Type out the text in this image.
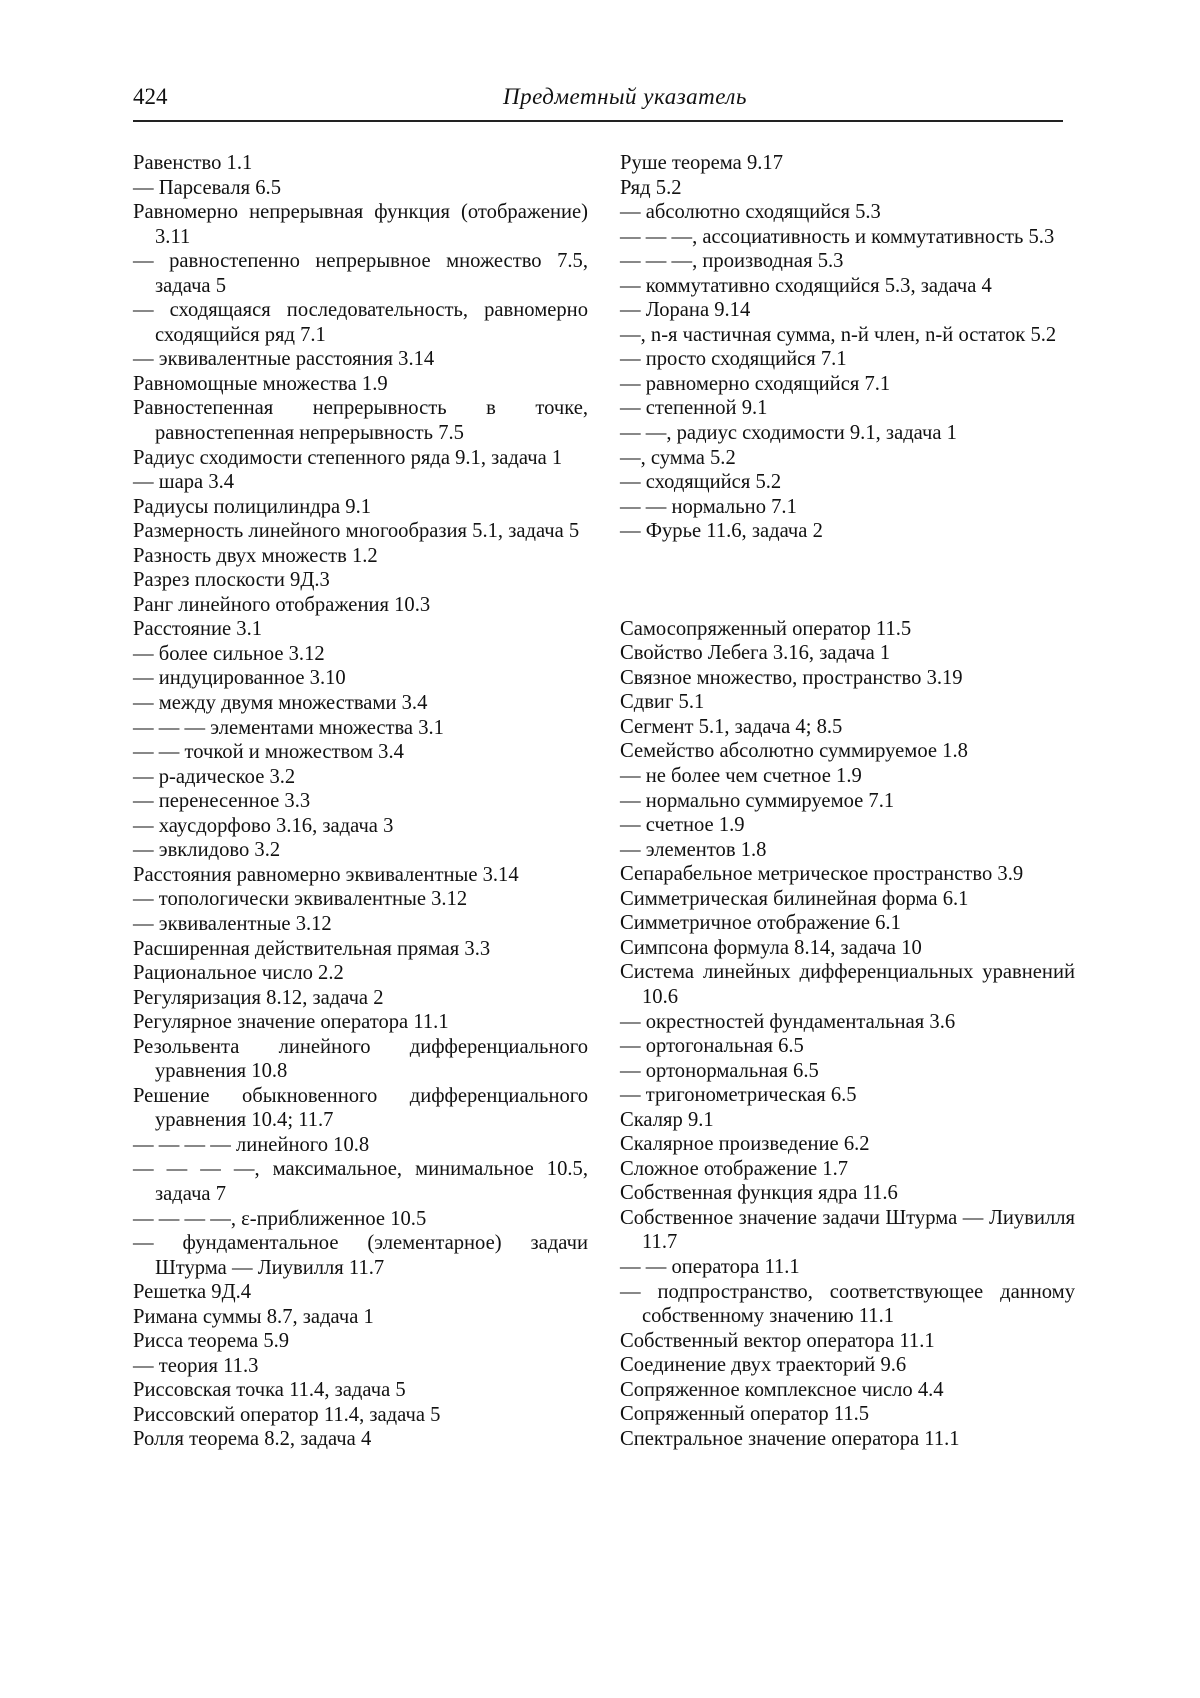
424	Предметный указатель
Равенство 1.1
— Парсеваля 6.5
Равномерно непрерывная функция (отображение) 3.11
— равностепенно непрерывное множество 7.5, задача 5
— сходящаяся последовательность, равномерно сходящийся ряд 7.1
— эквивалентные расстояния 3.14
Равномощные множества 1.9
Равностепенная непрерывность в точке, равностепенная непрерывность 7.5
Радиус сходимости степенного ряда 9.1, задача 1
— шара 3.4
Радиусы полицилиндра 9.1
Размерность линейного многообразия 5.1, задача 5
Разность двух множеств 1.2
Разрез плоскости 9Д.3
Ранг линейного отображения 10.3
Расстояние 3.1
— более сильное 3.12
— индуцированное 3.10
— между двумя множествами 3.4
— — — элементами множества 3.1
— — точкой и множеством 3.4
— p-адическое 3.2
— перенесенное 3.3
— хаусдорфово 3.16, задача 3
— эвклидово 3.2
Расстояния равномерно эквивалентные 3.14
— топологически эквивалентные 3.12
— эквивалентные 3.12
Расширенная действительная прямая 3.3
Рациональное число 2.2
Регуляризация 8.12, задача 2
Регулярное значение оператора 11.1
Резольвента линейного дифференциального уравнения 10.8
Решение обыкновенного дифференциального уравнения 10.4; 11.7
— — — — линейного 10.8
— — — —, максимальное, минимальное 10.5, задача 7
— — — —, ε-приближенное 10.5
— фундаментальное (элементарное) задачи Штурма — Лиувилля 11.7
Решетка 9Д.4
Римана суммы 8.7, задача 1
Рисса теорема 5.9
— теория 11.3
Риссовская точка 11.4, задача 5
Риссовский оператор 11.4, задача 5
Ролля теорема 8.2, задача 4
Руше теорема 9.17
Ряд 5.2
— абсолютно сходящийся 5.3
— — —, ассоциативность и коммутативность 5.3
— — —, производная 5.3
— коммутативно сходящийся 5.3, задача 4
— Лорана 9.14
—, n-я частичная сумма, n-й член, n-й остаток 5.2
— просто сходящийся 7.1
— равномерно сходящийся 7.1
— степенной 9.1
— —, радиус сходимости 9.1, задача 1
—, сумма 5.2
— сходящийся 5.2
— — нормально 7.1
— Фурье 11.6, задача 2
Самосопряженный оператор 11.5
Свойство Лебега 3.16, задача 1
Связное множество, пространство 3.19
Сдвиг 5.1
Сегмент 5.1, задача 4; 8.5
Семейство абсолютно суммируемое 1.8
— не более чем счетное 1.9
— нормально суммируемое 7.1
— счетное 1.9
— элементов 1.8
Сепарабельное метрическое пространство 3.9
Симметрическая билинейная форма 6.1
Симметричное отображение 6.1
Симпсона формула 8.14, задача 10
Система линейных дифференциальных уравнений 10.6
— окрестностей фундаментальная 3.6
— ортогональная 6.5
— ортонормальная 6.5
— тригонометрическая 6.5
Скаляр 9.1
Скалярное произведение 6.2
Сложное отображение 1.7
Собственная функция ядра 11.6
Собственное значение задачи Штурма — Лиувилля 11.7
— — оператора 11.1
— подпространство, соответствующее данному собственному значению 11.1
Собственный вектор оператора 11.1
Соединение двух траекторий 9.6
Сопряженное комплексное число 4.4
Сопряженный оператор 11.5
Спектральное значение оператора 11.1
